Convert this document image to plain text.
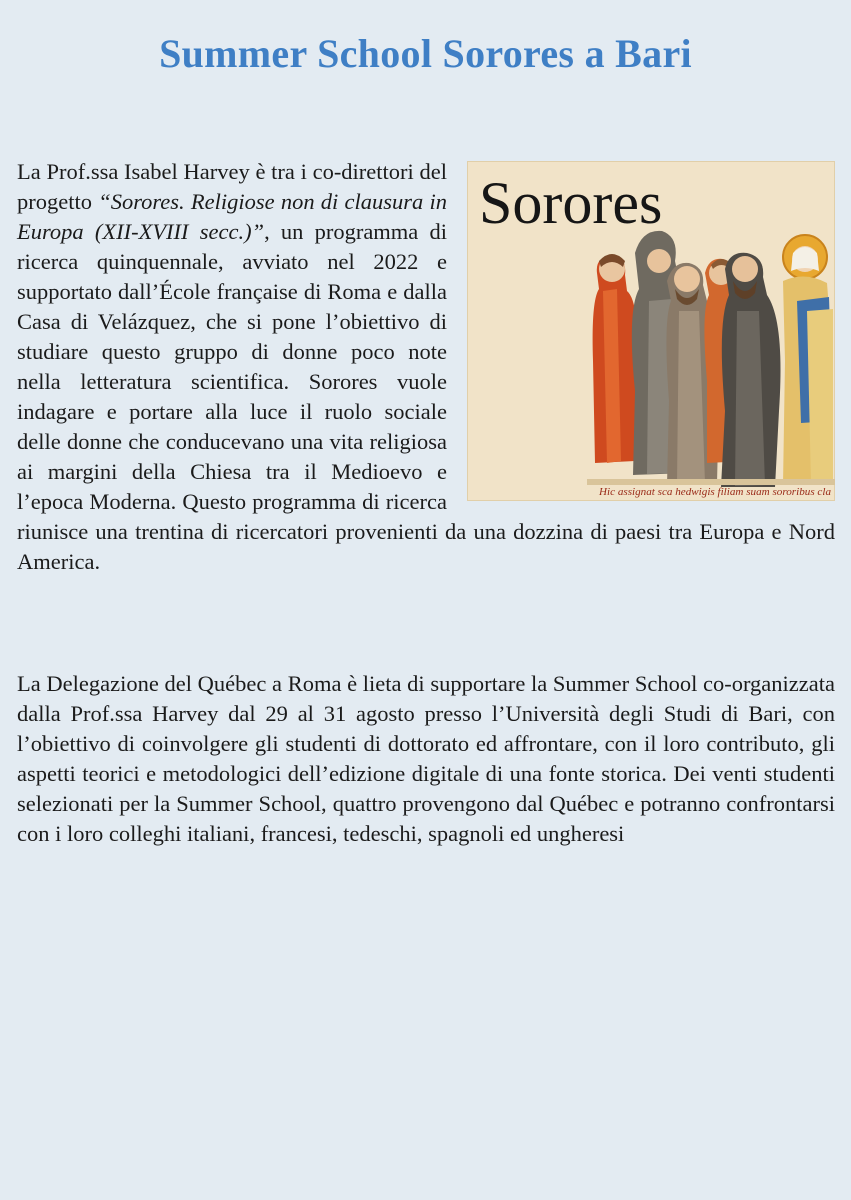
Summer School Sorores a Bari
Sorores
Hic assignat sca hedwigis filiam suam sororibus cla

La Prof.ssa Isabel Harvey è tra i co-direttori del progetto “Sorores. Religiose non di clausura in Europa (XII-XVIII secc.)”, un programma di ricerca quinquennale, avviato nel 2022 e supportato dall’École française di Roma e dalla Casa di Velázquez, che si pone l’obiettivo di studiare questo gruppo di donne poco note nella letteratura scientifica. Sorores vuole indagare e portare alla luce il ruolo sociale delle donne che conducevano una vita religiosa ai margini della Chiesa tra il Medioevo e l’epoca Moderna. Questo programma di ricerca riunisce una trentina di ricercatori provenienti da una dozzina di paesi tra Europa e Nord America.

La Delegazione del Québec a Roma è lieta di supportare la Summer School co-organizzata dalla Prof.ssa Harvey dal 29 al 31 agosto presso l’Università degli Studi di Bari, con l’obiettivo di coinvolgere gli studenti di dottorato ed affrontare, con il loro contributo, gli aspetti teorici e metodologici dell’edizione digitale di una fonte storica. Dei venti studenti selezionati per la Summer School, quattro provengono dal Québec e potranno confrontarsi con i loro colleghi italiani, francesi, tedeschi, spagnoli ed ungheresi
